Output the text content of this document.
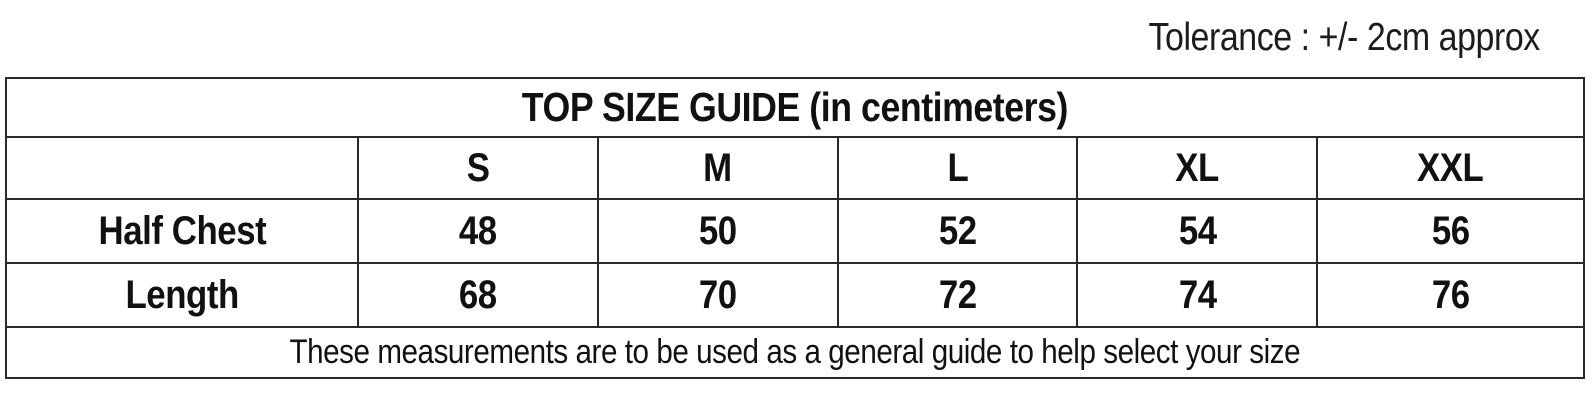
Tolerance : +/- 2cm approx
TOP SIZE GUIDE (in centimeters)					
	S	M	L	XL	XXL
Half Chest	48	50	52	54	56
Length	68	70	72	74	76
These measurements are to be used as a general guide to help select your size					
